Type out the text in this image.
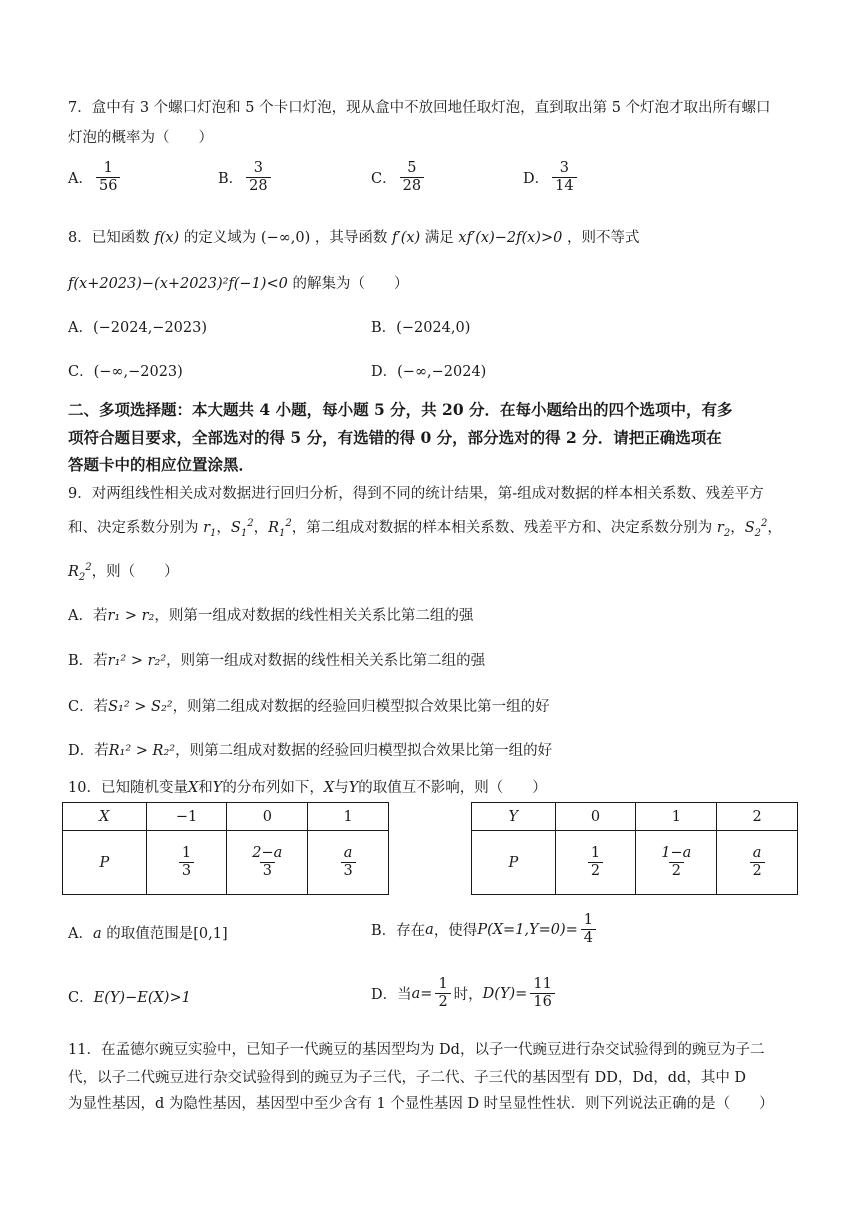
7．盒中有 3 个螺口灯泡和 5 个卡口灯泡，现从盒中不放回地任取灯泡，直到取出第 5 个灯泡才取出所有螺口
灯泡的概率为（　　）
A． $\frac{1}{56}$	B． $\frac{3}{28}$	C． $\frac{5}{28}$	D． $\frac{3}{14}$
8．已知函数 f(x) 的定义域为 (−∞,0) ，其导函数 f′(x) 满足 xf′(x)−2f(x)>0 ，则不等式
f(x+2023)−(x+2023)²f(−1)<0 的解集为（　　）
A．(−2024,−2023)	B．(−2024,0)
C．(−∞,−2023)	D．(−∞,−2024)
二、多项选择题：本大题共 4 小题，每小题 5 分，共 20 分．在每小题给出的四个选项中，有多
项符合题目要求，全部选对的得 5 分，有选错的得 0 分，部分选对的得 2 分．请把正确选项在
答题卡中的相应位置涂黑．
9．对两组线性相关成对数据进行回归分析，得到不同的统计结果，第-组成对数据的样本相关系数、残差平方
和、决定系数分别为 $r_1$，$S_1^2$，$R_1^2$，第二组成对数据的样本相关系数、残差平方和、决定系数分别为 $r_2$，$S_2^2$，
$R_2^2$，则（　　）
A．若r₁ > r₂，则第一组成对数据的线性相关关系比第二组的强
B．若r₁² > r₂²，则第一组成对数据的线性相关关系比第二组的强
C．若S₁² > S₂²，则第二组成对数据的经验回归模型拟合效果比第一组的好
D．若R₁² > R₂²，则第二组成对数据的经验回归模型拟合效果比第一组的好
10．已知随机变量X和Y的分布列如下，X与Y的取值互不影响，则（　　）
X	−1	0	1
P	$\frac{1}{3}$	$\frac{2-a}{3}$	$\frac{a}{3}$
Y	0	1	2
P	$\frac{1}{2}$	$\frac{1-a}{2}$	$\frac{a}{2}$
A．a 的取值范围是[0,1]	B．存在 a ，使得 $P(X=1,Y=0)= \frac{1}{4}$
C．E(Y)−E(X)>1	D．当 $a= \frac{1}{2}$ 时， $D(Y)= \frac{11}{16}$
11．在孟德尔豌豆实验中，已知子一代豌豆的基因型均为 Dd，以子一代豌豆进行杂交试验得到的豌豆为子二
代，以子二代豌豆进行杂交试验得到的豌豆为子三代，子二代、子三代的基因型有 DD，Dd，dd，其中 D
为显性基因，d 为隐性基因，基因型中至少含有 1 个显性基因 D 时呈显性性状．则下列说法正确的是（　　）
